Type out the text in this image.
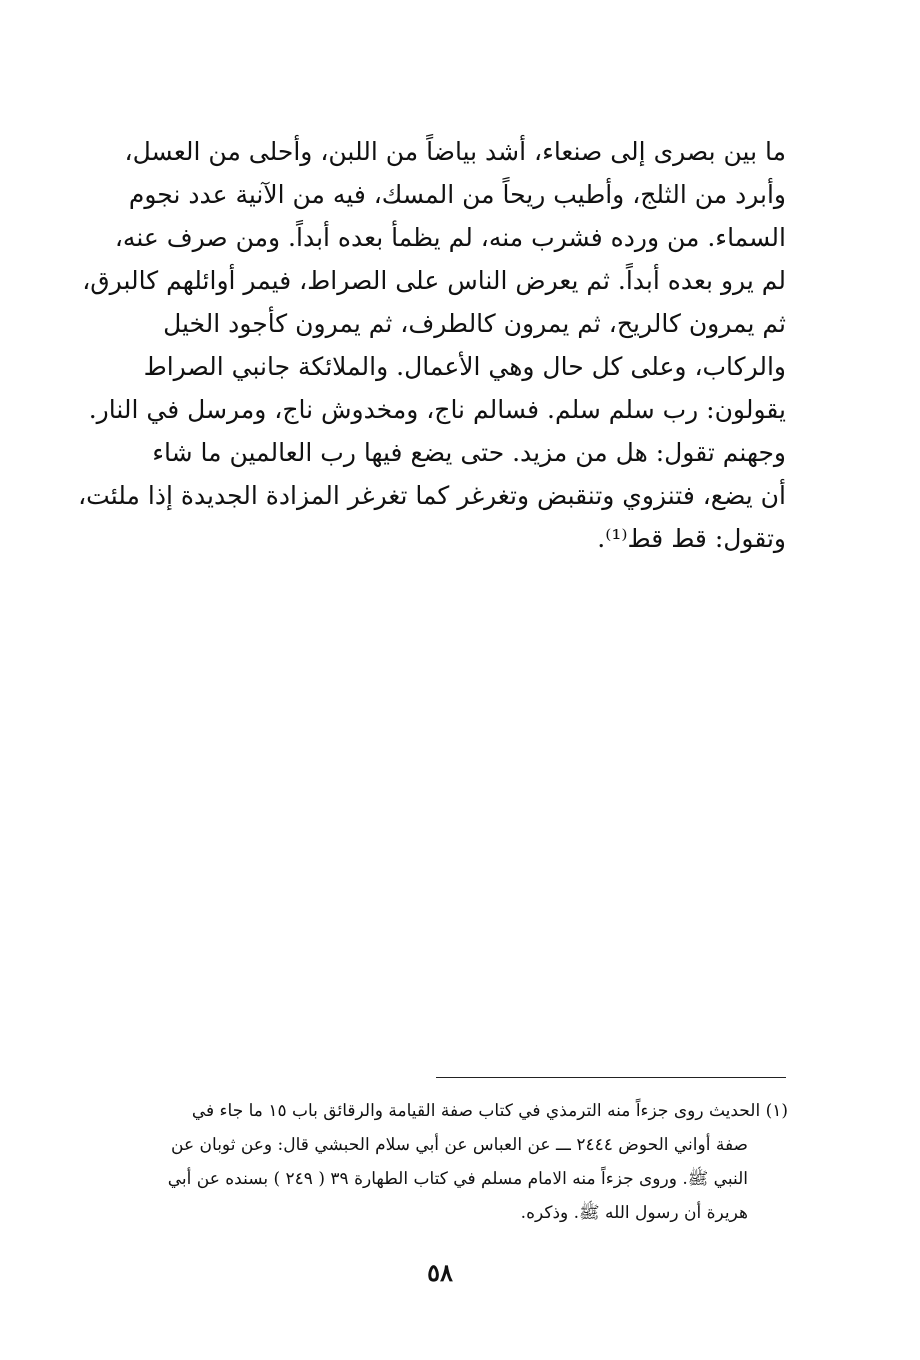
ما بين بصرى إلى صنعاء، أشد بياضاً من اللبن، وأحلى من العسل،
وأبرد من الثلج، وأطيب ريحاً من المسك، فيه من الآنية عدد نجوم
السماء. من ورده فشرب منه، لم يظمأ بعده أبداً. ومن صرف عنه،
لم يرو بعده أبداً. ثم يعرض الناس على الصراط، فيمر أوائلهم كالبرق،
ثم يمرون كالريح، ثم يمرون كالطرف، ثم يمرون كأجود الخيل
والركاب، وعلى كل حال وهي الأعمال. والملائكة جانبي الصراط
يقولون: رب سلم سلم. فسالم ناج، ومخدوش ناج، ومرسل في النار.
وجهنم تقول: هل من مزيد. حتى يضع فيها رب العالمين ما شاء
أن يضع، فتنزوي وتنقبض وتغرغر كما تغرغر المزادة الجديدة إذا ملئت،
وتقول: قط قط⁽¹⁾.
(١) الحديث روى جزءاً منه الترمذي في كتاب صفة القيامة والرقائق باب ١٥ ما جاء في
صفة أواني الحوض ٢٤٤٤ ـــ عن العباس عن أبي سلام الحبشي قال: وعن ثوبان عن
النبي ﷺ. وروى جزءاً منه الامام مسلم في كتاب الطهارة ٣٩ ( ٢٤٩ ) بسنده عن أبي
هريرة أن رسول الله ﷺ. وذكره.
٥٨
